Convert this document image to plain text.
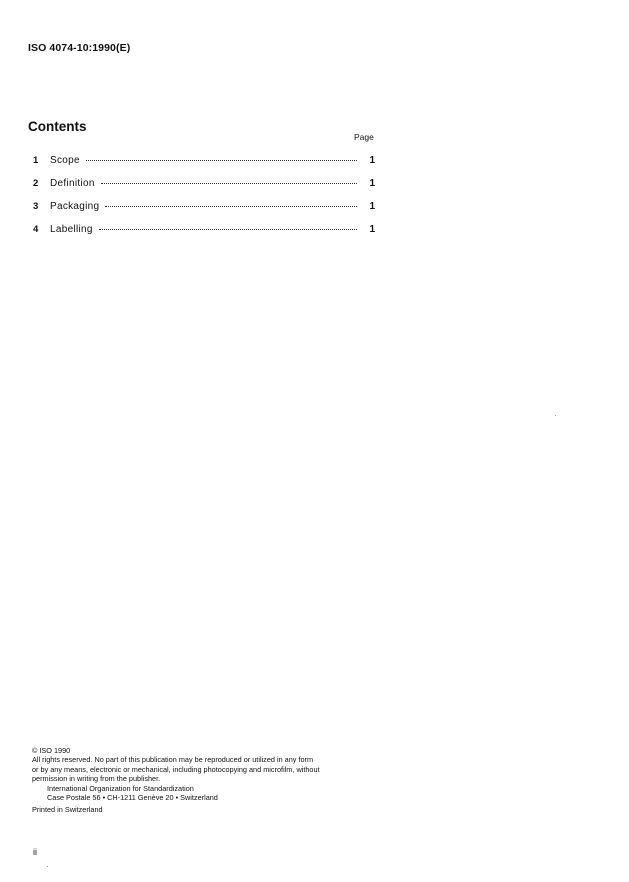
ISO 4074-10:1990(E)
Contents
Page
1	Scope	1
2	Definition	1
3	Packaging	1
4	Labelling	1
© ISO 1990
All rights reserved. No part of this publication may be reproduced or utilized in any form
or by any means, electronic or mechanical, including photocopying and microfilm, without
permission in writing from the publisher.
International Organization for Standardization
Case Postale 56 • CH-1211 Genève 20 • Switzerland
Printed in Switzerland
ii
